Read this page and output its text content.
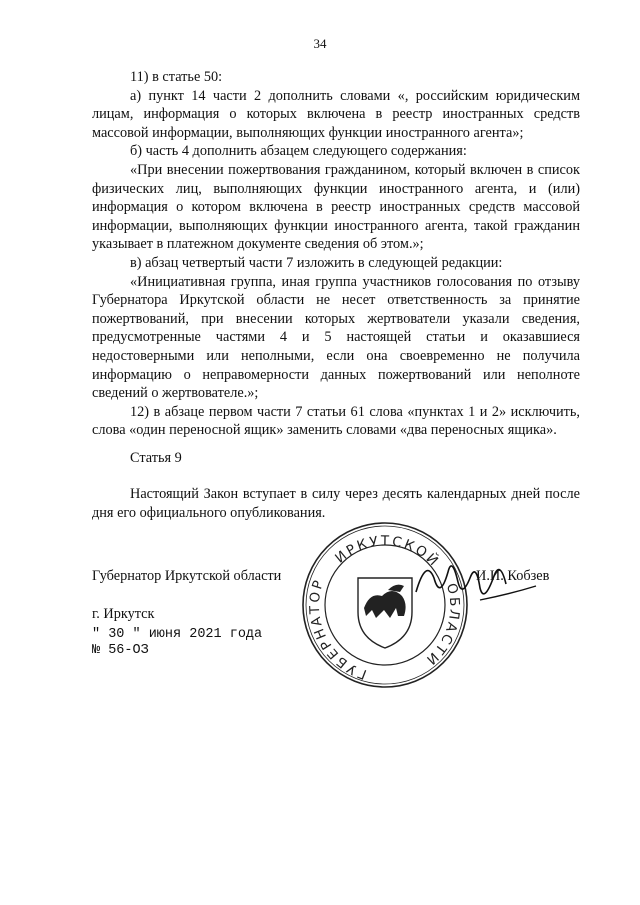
34

11) в статье 50:

а) пункт 14 части 2 дополнить словами «, российским юридическим лицам, информация о которых включена в реестр иностранных средств массовой информации, выполняющих функции иностранного агента»;

б) часть 4 дополнить абзацем следующего содержания:

«При внесении пожертвования гражданином, который включен в список физических лиц, выполняющих функции иностранного агента, и (или) информация о котором включена в реестр иностранных средств массовой информации, выполняющих функции иностранного агента, такой гражданин указывает в платежном документе сведения об этом.»;

в) абзац четвертый части 7 изложить в следующей редакции:

«Инициативная группа, иная группа участников голосования по отзыву Губернатора Иркутской области не несет ответственность за принятие пожертвований, при внесении которых жертвователи указали сведения, предусмотренные частями 4 и 5 настоящей статьи и оказавшиеся недостоверными или неполными, если она своевременно не получила информацию о неправомерности данных пожертвований или неполноте сведений о жертвователе.»;

12) в абзаце первом части 7 статьи 61 слова «пунктах 1 и 2» исключить, слова «один переносной ящик» заменить словами «два переносных ящика».

Статья 9
Настоящий Закон вступает в силу через десять календарных дней после дня его официального опубликования.
ИРКУТСКОЙ
ГУБЕРНАТОР	ОБЛАСТИ
Губернатор Иркутской области	И.И. Кобзев
г. Иркутск
" 30 " июня 2021 года
№ 56-ОЗ
